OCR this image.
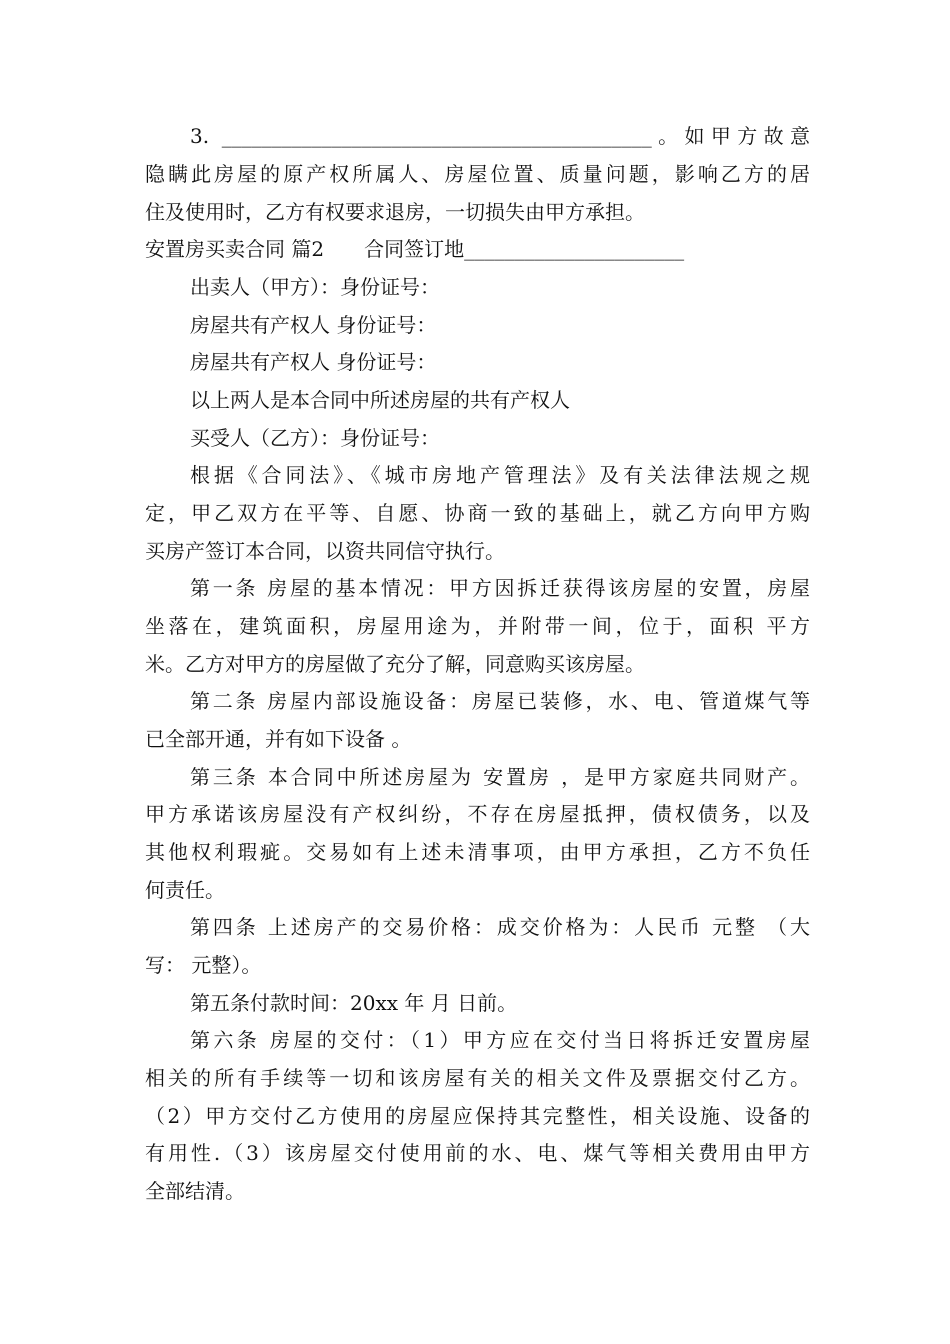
3. ___________________________________________。如甲方故意
隐瞒此房屋的原产权所属人、房屋位置、质量问题，影响乙方的居
住及使用时，乙方有权要求退房，一切损失由甲方承担。
安置房买卖合同 篇2　　合同签订地______________________
出卖人（甲方）：身份证号：
房屋共有产权人 身份证号：
房屋共有产权人 身份证号：
以上两人是本合同中所述房屋的共有产权人
买受人（乙方）：身份证号：
根据《合同法》、《城市房地产管理法》及有关法律法规之规
定，甲乙双方在平等、自愿、协商一致的基础上，就乙方向甲方购
买房产签订本合同，以资共同信守执行。
第一条 房屋的基本情况：甲方因拆迁获得该房屋的安置，房屋
坐落在，建筑面积，房屋用途为，并附带一间，位于，面积 平方
米。乙方对甲方的房屋做了充分了解，同意购买该房屋。
第二条 房屋内部设施设备：房屋已装修，水、电、管道煤气等
已全部开通，并有如下设备 。
第三条 本合同中所述房屋为 安置房 ，是甲方家庭共同财产。
甲方承诺该房屋没有产权纠纷，不存在房屋抵押，债权债务，以及
其他权利瑕疵。交易如有上述未清事项，由甲方承担，乙方不负任
何责任。
第四条 上述房产的交易价格：成交价格为：人民币 元整 （大
写： 元整）。
第五条付款时间：20xx 年 月 日前。
第六条 房屋的交付：（1）甲方应在交付当日将拆迁安置房屋
相关的所有手续等一切和该房屋有关的相关文件及票据交付乙方。
（2）甲方交付乙方使用的房屋应保持其完整性，相关设施、设备的
有用性.（3）该房屋交付使用前的水、电、煤气等相关费用由甲方
全部结清。
